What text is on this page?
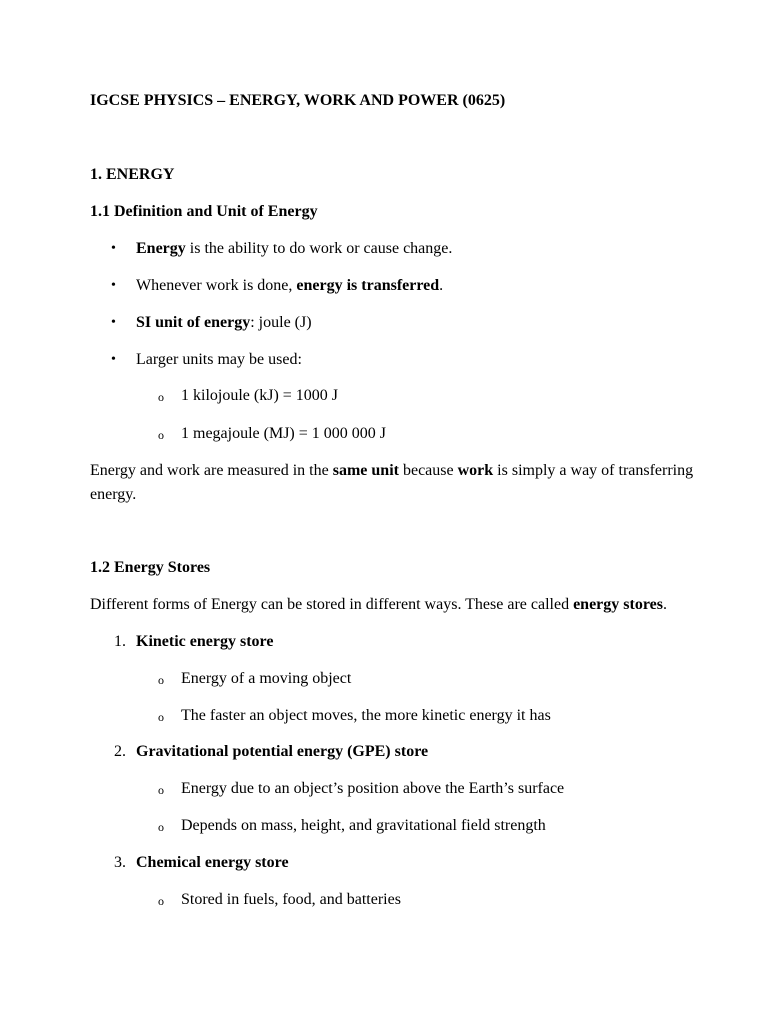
IGCSE PHYSICS – ENERGY, WORK AND POWER (0625)
1. ENERGY
1.1 Definition and Unit of Energy
• Energy is the ability to do work or cause change.
• Whenever work is done, energy is transferred.
• SI unit of energy: joule (J)
• Larger units may be used:
o 1 kilojoule (kJ) = 1000 J
o 1 megajoule (MJ) = 1 000 000 J
Energy and work are measured in the same unit because work is simply a way of transferring
energy.
1.2 Energy Stores
Different forms of Energy can be stored in different ways. These are called energy stores.
1. Kinetic energy store
o Energy of a moving object
o The faster an object moves, the more kinetic energy it has
2. Gravitational potential energy (GPE) store
o Energy due to an object’s position above the Earth’s surface
o Depends on mass, height, and gravitational field strength
3. Chemical energy store
o Stored in fuels, food, and batteries
